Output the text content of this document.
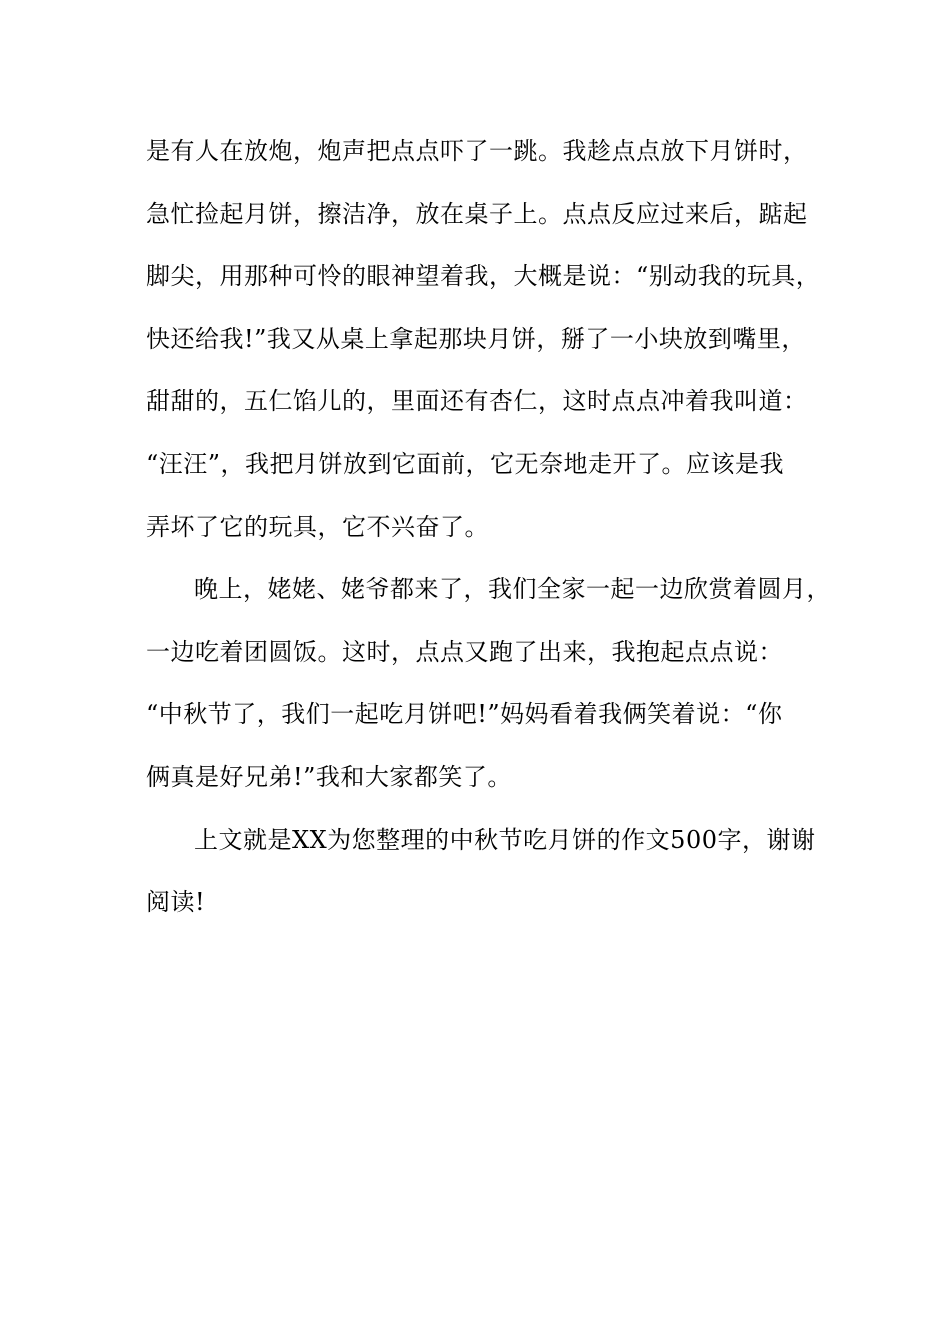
是有人在放炮，炮声把点点吓了一跳。我趁点点放下月饼时，
急忙捡起月饼，擦洁净，放在桌子上。点点反应过来后，踮起
脚尖，用那种可怜的眼神望着我，大概是说：“别动我的玩具，
快还给我!”我又从桌上拿起那块月饼，掰了一小块放到嘴里，
甜甜的，五仁馅儿的，里面还有杏仁，这时点点冲着我叫道：
“汪汪”，我把月饼放到它面前，它无奈地走开了。应该是我
弄坏了它的玩具，它不兴奋了。
晚上，姥姥、姥爷都来了，我们全家一起一边欣赏着圆月，
一边吃着团圆饭。这时，点点又跑了出来，我抱起点点说：
“中秋节了，我们一起吃月饼吧!”妈妈看着我俩笑着说：“你
俩真是好兄弟!”我和大家都笑了。
上文就是XX为您整理的中秋节吃月饼的作文500字，谢谢
阅读!
